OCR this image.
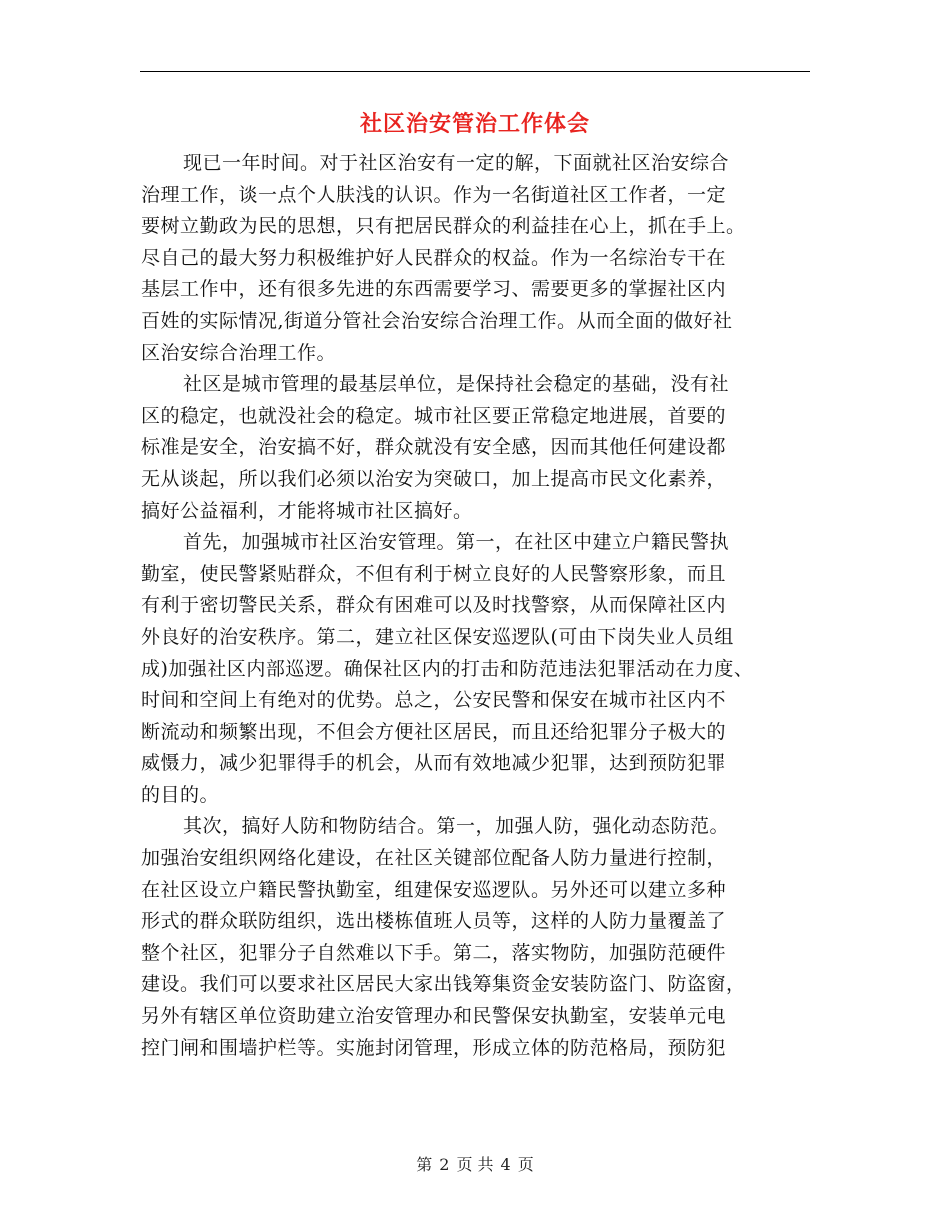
社区治安管治工作体会

现已一年时间。对于社区治安有一定的解，下面就社区治安综合
治理工作，谈一点个人肤浅的认识。作为一名街道社区工作者，一定
要树立勤政为民的思想，只有把居民群众的利益挂在心上，抓在手上。
尽自己的最大努力积极维护好人民群众的权益。作为一名综治专干在
基层工作中，还有很多先进的东西需要学习、需要更多的掌握社区内
百姓的实际情况,街道分管社会治安综合治理工作。从而全面的做好社
区治安综合治理工作。

社区是城市管理的最基层单位，是保持社会稳定的基础，没有社
区的稳定，也就没社会的稳定。城市社区要正常稳定地进展，首要的
标准是安全，治安搞不好，群众就没有安全感，因而其他任何建设都
无从谈起，所以我们必须以治安为突破口，加上提高市民文化素养，
搞好公益福利，才能将城市社区搞好。

首先，加强城市社区治安管理。第一，在社区中建立户籍民警执
勤室，使民警紧贴群众，不但有利于树立良好的人民警察形象，而且
有利于密切警民关系，群众有困难可以及时找警察，从而保障社区内
外良好的治安秩序。第二，建立社区保安巡逻队(可由下岗失业人员组
成)加强社区内部巡逻。确保社区内的打击和防范违法犯罪活动在力度、
时间和空间上有绝对的优势。总之，公安民警和保安在城市社区内不
断流动和频繁出现，不但会方便社区居民，而且还给犯罪分子极大的
威慑力，减少犯罪得手的机会，从而有效地减少犯罪，达到预防犯罪
的目的。

其次，搞好人防和物防结合。第一，加强人防，强化动态防范。
加强治安组织网络化建设，在社区关键部位配备人防力量进行控制，
在社区设立户籍民警执勤室，组建保安巡逻队。另外还可以建立多种
形式的群众联防组织，选出楼栋值班人员等，这样的人防力量覆盖了
整个社区，犯罪分子自然难以下手。第二，落实物防，加强防范硬件
建设。我们可以要求社区居民大家出钱筹集资金安装防盗门、防盗窗，
另外有辖区单位资助建立治安管理办和民警保安执勤室，安装单元电
控门闸和围墙护栏等。实施封闭管理，形成立体的防范格局，预防犯

第 2 页 共 4 页
